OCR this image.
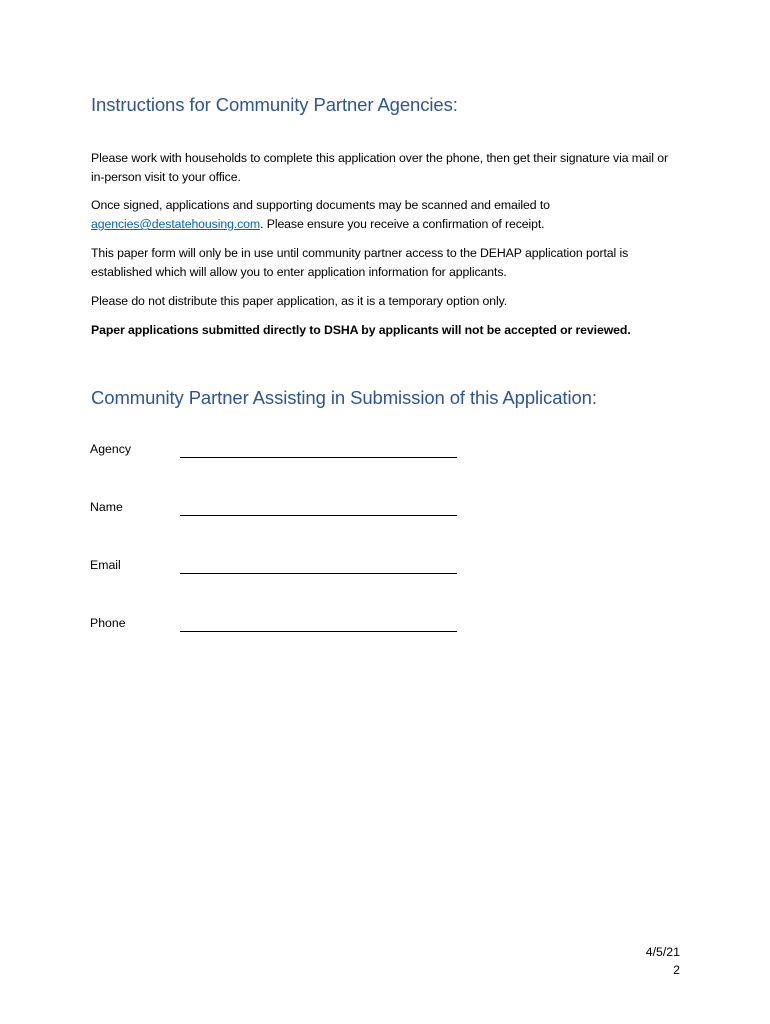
Instructions for Community Partner Agencies:

Please work with households to complete this application over the phone, then get their signature via mail or in-person visit to your office.

Once signed, applications and supporting documents may be scanned and emailed to agencies@destatehousing.com. Please ensure you receive a confirmation of receipt.

This paper form will only be in use until community partner access to the DEHAP application portal is established which will allow you to enter application information for applicants.

Please do not distribute this paper application, as it is a temporary option only.

Paper applications submitted directly to DSHA by applicants will not be accepted or reviewed.

Community Partner Assisting in Submission of this Application:
Agency
Name
Email
Phone
4/5/21
2
